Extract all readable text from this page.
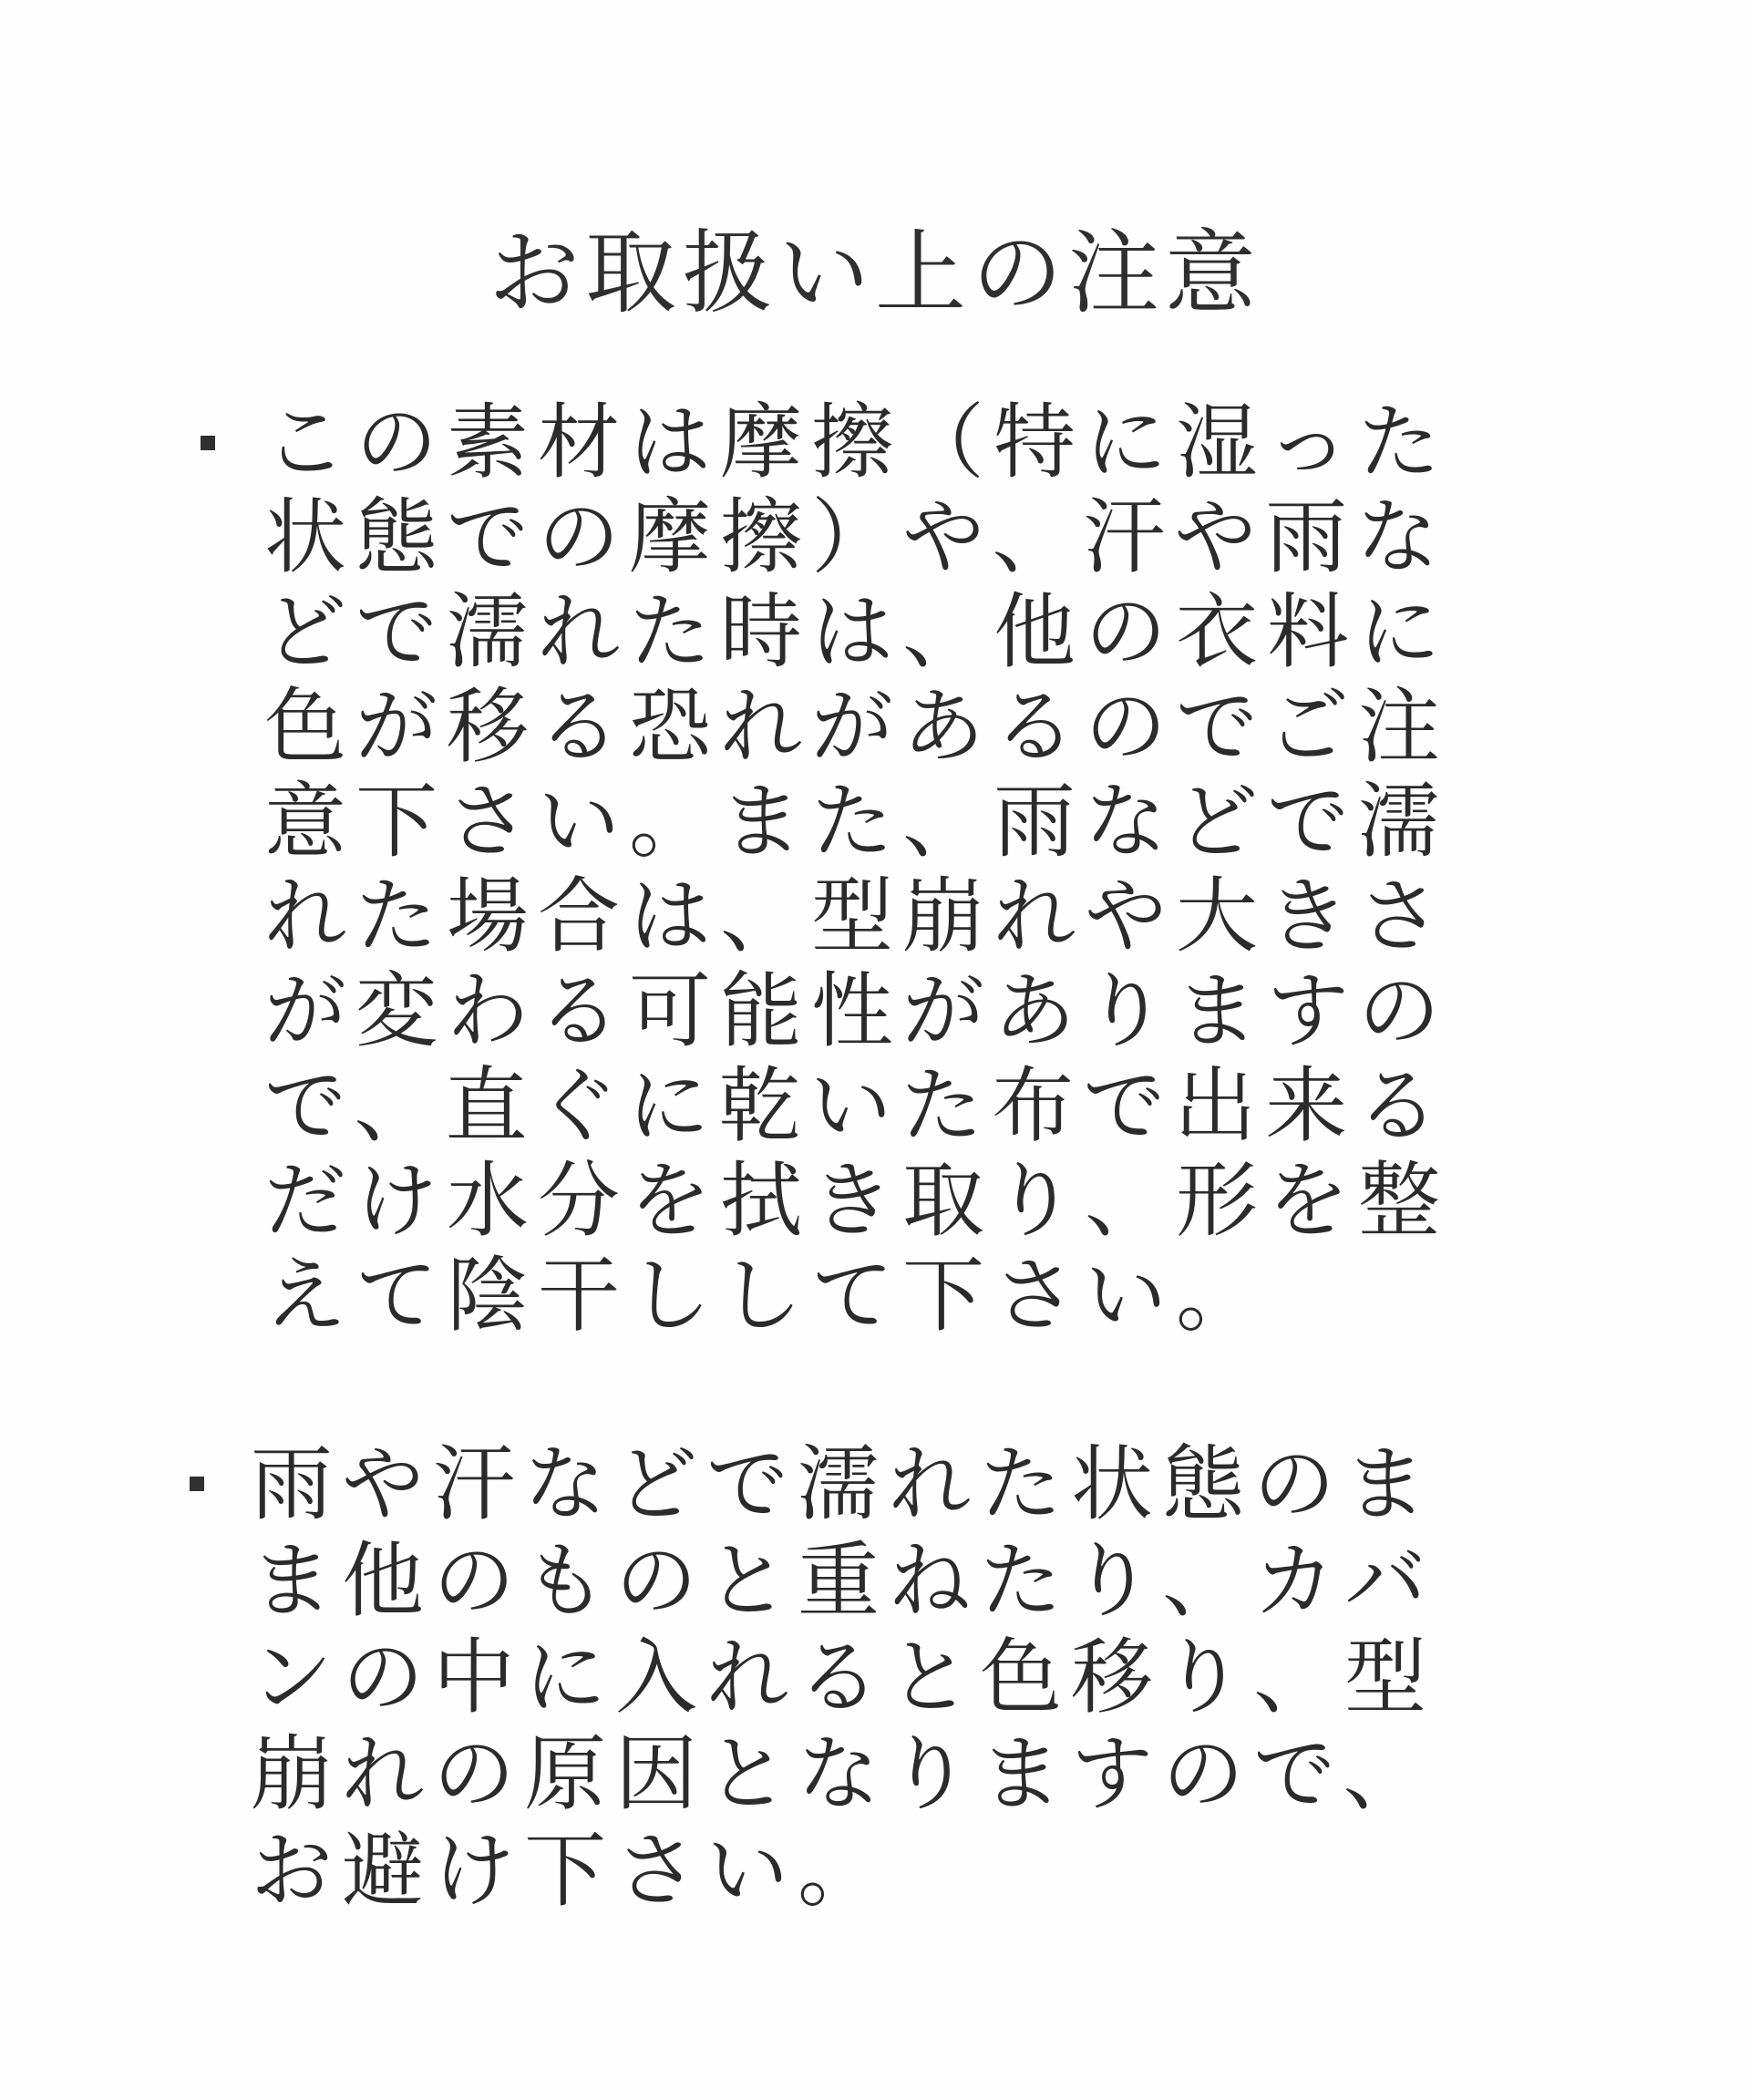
お取扱い上の注意
この素材は摩擦（特に湿った
状態での摩擦）や、汗や雨な
どで濡れた時は、他の衣料に
色が移る恐れがあるのでご注
意下さい。また、雨などで濡
れた場合は、型崩れや大きさ
が変わる可能性がありますの
で、直ぐに乾いた布で出来る
だけ水分を拭き取り、形を整
えて陰干しして下さい。
雨や汗などで濡れた状態のま
ま他のものと重ねたり、カバ
ンの中に入れると色移り、型
崩れの原因となりますので、
お避け下さい。
